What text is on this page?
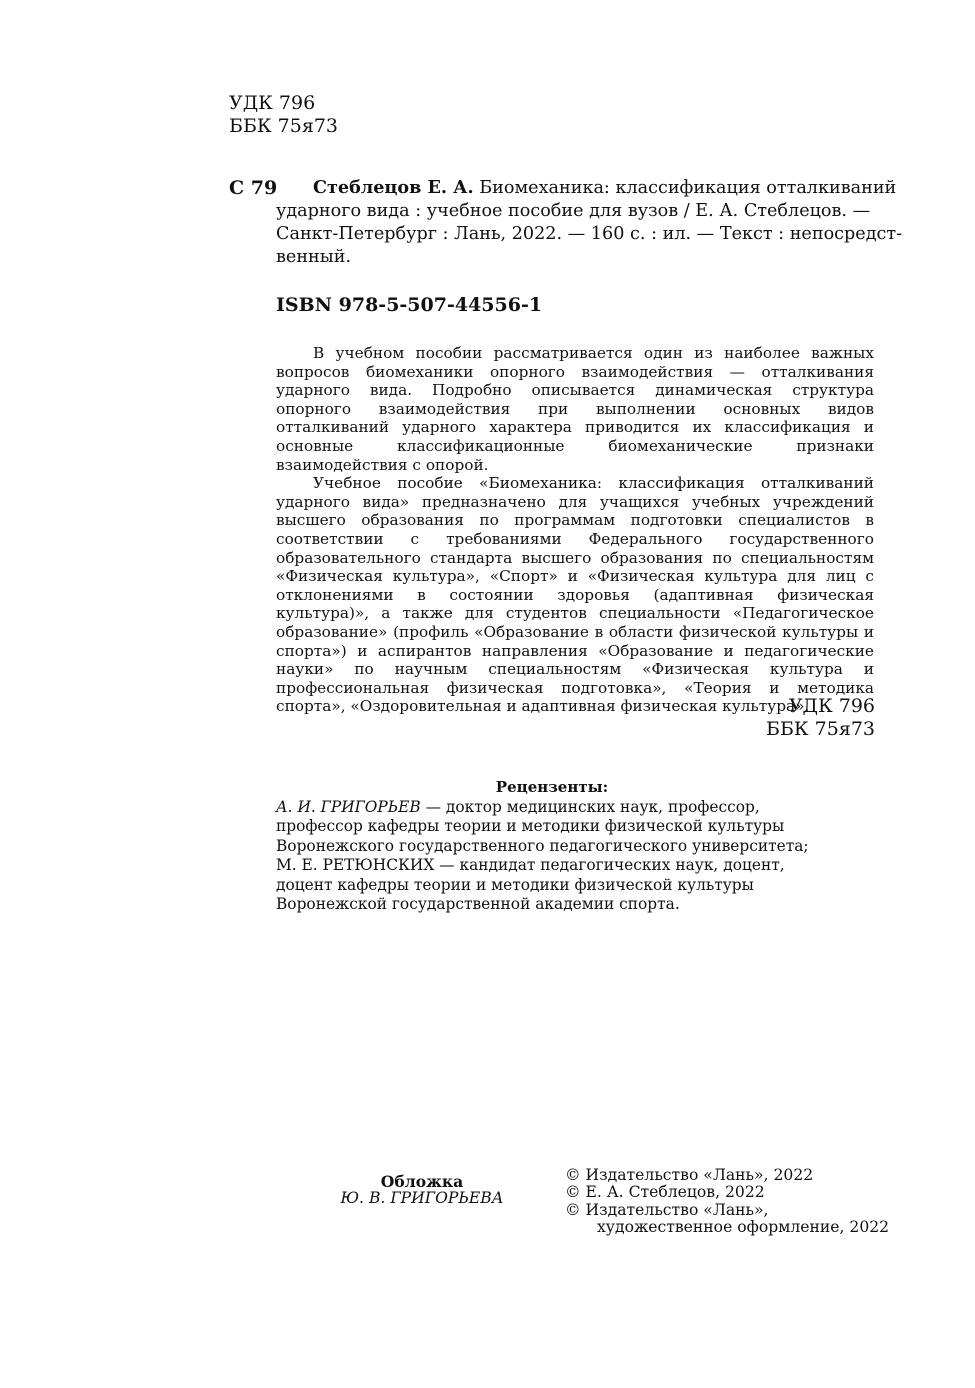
УДК 796
ББК 75я73
С 79	Стеблецов Е. А. Биомеханика: классификация отталкиваний
ударного вида : учебное пособие для вузов / Е. А. Стеблецов. —
Санкт-Петербург : Лань, 2022. — 160 с. : ил. — Текст : непосредст-
венный.
ISBN 978-5-507-44556-1

В учебном пособии рассматривается один из наиболее важных вопросов биомеханики опорного взаимодействия — отталкивания ударного вида. Подробно описывается динамическая структура опорного взаимодействия при выполнении основных видов отталкиваний ударного характера приводится их классификация и основные классификационные биомеханические признаки взаимодействия с опорой.

Учебное пособие «Биомеханика: классификация отталкиваний ударного вида» предназначено для учащихся учебных учреждений высшего образования по программам подготовки специалистов в соответствии с требованиями Федерального государственного образовательного стандарта высшего образования по специальностям «Физическая культура», «Спорт» и «Физическая культура для лиц с отклонениями в состоянии здоровья (адаптивная физическая культура)», а также для студентов специальности «Педагогическое образование» (профиль «Образование в области физической культуры и спорта») и аспирантов направления «Образование и педагогические науки» по научным специальностям «Физическая культура и профессиональная физическая подготовка», «Теория и методика спорта», «Оздоровительная и адаптивная физическая культура».

УДК 796
ББК 75я73
Рецензенты:

А. И. ГРИГОРЬЕВ — доктор медицинских наук, профессор, профессор кафедры теории и методики физической культуры Воронежского государственного педагогического университета;

М. Е. РЕТЮНСКИХ — кандидат педагогических наук, доцент, доцент кафедры теории и методики физической культуры Воронежской государственной академии спорта.

Обложка
Ю. В. ГРИГОРЬЕВА
© Издательство «Лань», 2022
© Е. А. Стеблецов, 2022
© Издательство «Лань»,
художественное оформление, 2022
